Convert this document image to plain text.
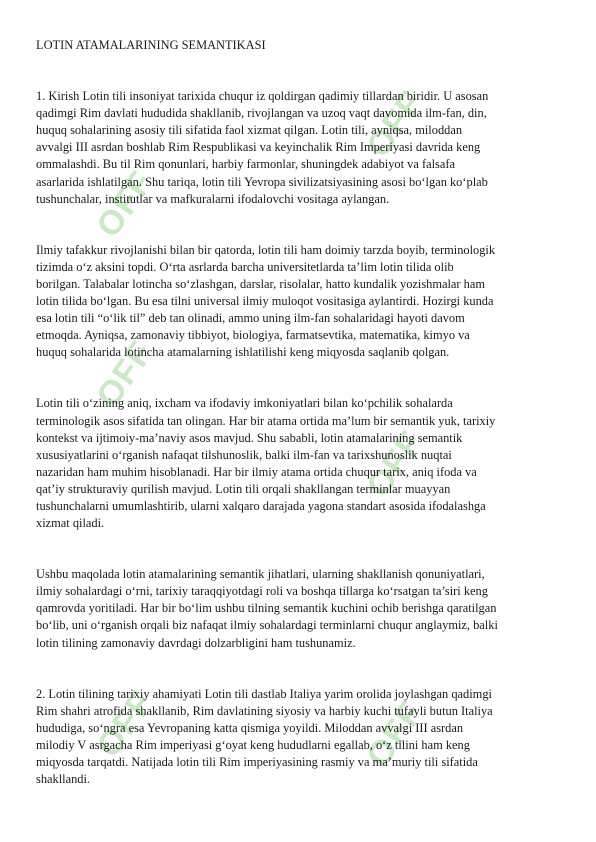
OFF
OFF
OFF
OFF
OFF	OFF
LOTIN ATAMALARINING SEMANTIKASI
1. Kirish Lotin tili insoniyat tarixida chuqur iz qoldirgan qadimiy tillardan biridir. U asosan
qadimgi Rim davlati hududida shakllanib, rivojlangan va uzoq vaqt davomida ilm-fan, din,
huquq sohalarining asosiy tili sifatida faol xizmat qilgan. Lotin tili, ayniqsa, miloddan
avvalgi III asrdan boshlab Rim Respublikasi va keyinchalik Rim Imperiyasi davrida keng
ommalashdi. Bu til Rim qonunlari, harbiy farmonlar, shuningdek adabiyot va falsafa
asarlarida ishlatilgan. Shu tariqa, lotin tili Yevropa sivilizatsiyasining asosi bo‘lgan ko‘plab
tushunchalar, institutlar va mafkuralarni ifodalovchi vositaga aylangan.
Ilmiy tafakkur rivojlanishi bilan bir qatorda, lotin tili ham doimiy tarzda boyib, terminologik
tizimda o‘z aksini topdi. O‘rta asrlarda barcha universitetlarda ta’lim lotin tilida olib
borilgan. Talabalar lotincha so‘zlashgan, darslar, risolalar, hatto kundalik yozishmalar ham
lotin tilida bo‘lgan. Bu esa tilni universal ilmiy muloqot vositasiga aylantirdi. Hozirgi kunda
esa lotin tili “o‘lik til” deb tan olinadi, ammo uning ilm-fan sohalaridagi hayoti davom
etmoqda. Ayniqsa, zamonaviy tibbiyot, biologiya, farmatsevtika, matematika, kimyo va
huquq sohalarida lotincha atamalarning ishlatilishi keng miqyosda saqlanib qolgan.
Lotin tili o‘zining aniq, ixcham va ifodaviy imkoniyatlari bilan ko‘pchilik sohalarda
terminologik asos sifatida tan olingan. Har bir atama ortida ma’lum bir semantik yuk, tarixiy
kontekst va ijtimoiy-ma’naviy asos mavjud. Shu sababli, lotin atamalarining semantik
xususiyatlarini o‘rganish nafaqat tilshunoslik, balki ilm-fan va tarixshunoslik nuqtai
nazaridan ham muhim hisoblanadi. Har bir ilmiy atama ortida chuqur tarix, aniq ifoda va
qat’iy strukturaviy qurilish mavjud. Lotin tili orqali shakllangan terminlar muayyan
tushunchalarni umumlashtirib, ularni xalqaro darajada yagona standart asosida ifodalashga
xizmat qiladi.
Ushbu maqolada lotin atamalarining semantik jihatlari, ularning shakllanish qonuniyatlari,
ilmiy sohalardagi o‘rni, tarixiy taraqqiyotdagi roli va boshqa tillarga ko‘rsatgan ta’siri keng
qamrovda yoritiladi. Har bir bo‘lim ushbu tilning semantik kuchini ochib berishga qaratilgan
bo‘lib, uni o‘rganish orqali biz nafaqat ilmiy sohalardagi terminlarni chuqur anglaymiz, balki
lotin tilining zamonaviy davrdagi dolzarbligini ham tushunamiz.
2. Lotin tilining tarixiy ahamiyati Lotin tili dastlab Italiya yarim orolida joylashgan qadimgi
Rim shahri atrofida shakllanib, Rim davlatining siyosiy va harbiy kuchi tufayli butun Italiya
hududiga, so‘ngra esa Yevropaning katta qismiga yoyildi. Miloddan avvalgi III asrdan
milodiy V asrgacha Rim imperiyasi g‘oyat keng hududlarni egallab, o‘z tilini ham keng
miqyosda tarqatdi. Natijada lotin tili Rim imperiyasining rasmiy va ma’muriy tili sifatida
shakllandi.
